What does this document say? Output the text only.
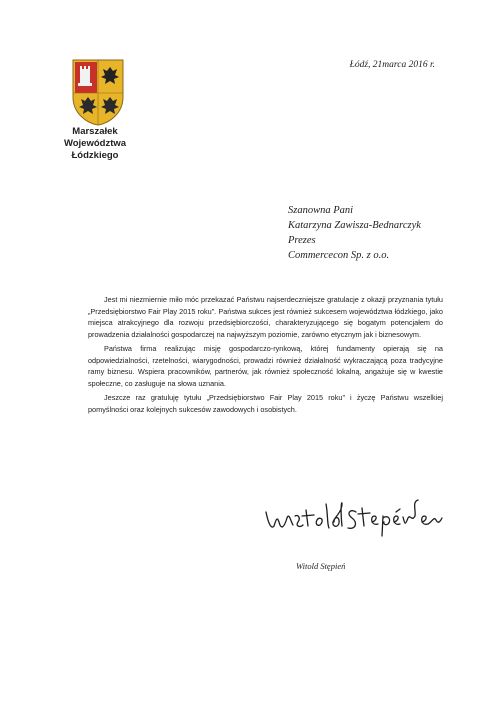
Marszałek
Województwa Łódzkiego
Łódź, 21marca 2016 r.
Szanowna Pani
Katarzyna Zawisza-Bednarczyk
Prezes
Commercecon Sp. z o.o.

Jest mi niezmiernie miło móc przekazać Państwu najserdeczniejsze gratulacje z okazji przyznania tytułu „Przedsiębiorstwo Fair Play 2015 roku”. Państwa sukces jest również sukcesem województwa łódzkiego, jako miejsca atrakcyjnego dla rozwoju przedsiębiorczości, charakteryzującego się bogatym potencjałem do prowadzenia działalności gospodarczej na najwyższym poziomie, zarówno etycznym jak i biznesowym.

Państwa firma realizując misję gospodarczo-rynkową, której fundamenty opierają się na odpowiedzialności, rzetelności, wiarygodności, prowadzi również działalność wykraczającą poza tradycyjne ramy biznesu. Wspiera pracowników, partnerów, jak również społeczność lokalną, angażuje się w kwestie społeczne, co zasługuje na słowa uznania.

Jeszcze raz gratuluję tytułu „Przedsiębiorstwo Fair Play 2015 roku” i życzę Państwu wszelkiej pomyślności oraz kolejnych sukcesów zawodowych i osobistych.

Witold Stępień
